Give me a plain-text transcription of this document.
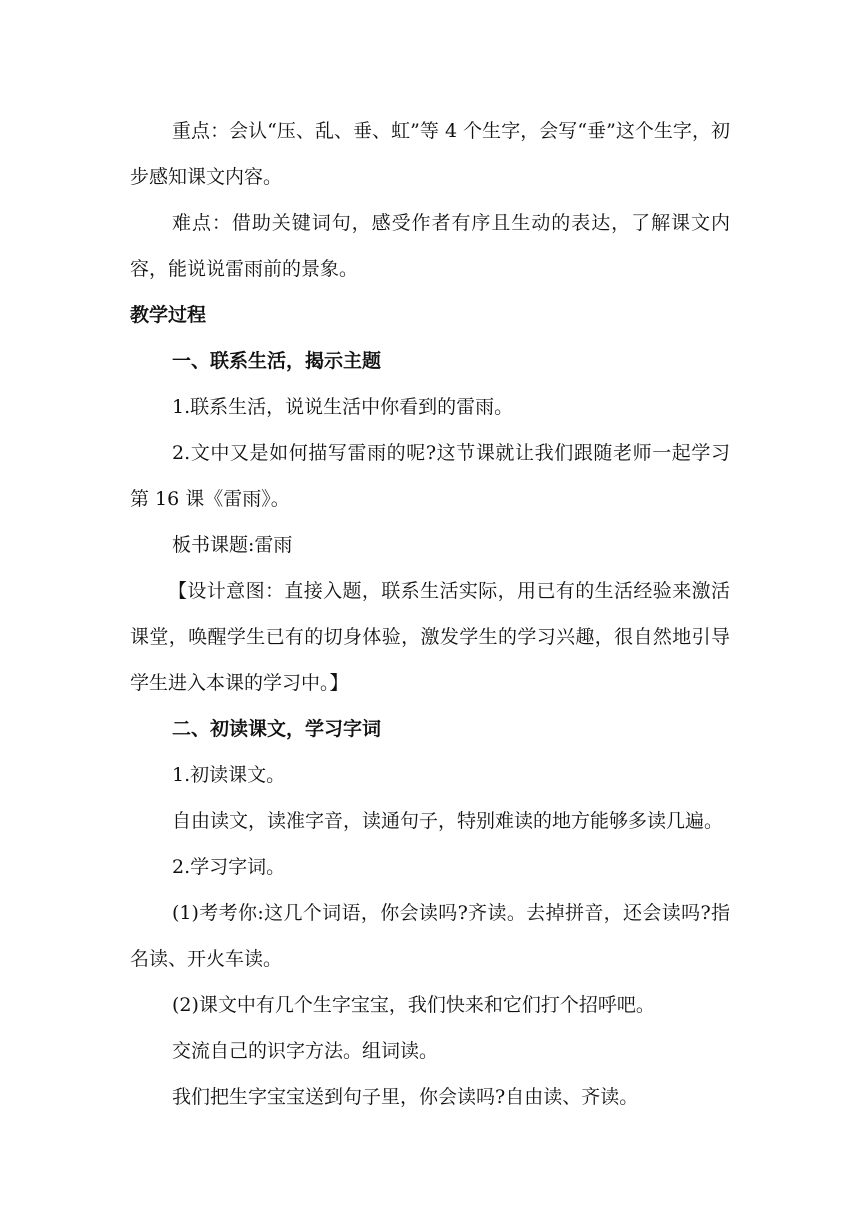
重点：会认“压、乱、垂、虹”等 4 个生字，会写“垂”这个生字，初步感知课文内容。

难点：借助关键词句，感受作者有序且生动的表达，了解课文内容，能说说雷雨前的景象。

教学过程

一、联系生活，揭示主题

1.联系生活，说说生活中你看到的雷雨。

2.文中又是如何描写雷雨的呢?这节课就让我们跟随老师一起学习第 16 课《雷雨》。

板书课题:雷雨

【设计意图：直接入题，联系生活实际，用已有的生活经验来激活课堂，唤醒学生已有的切身体验，激发学生的学习兴趣，很自然地引导学生进入本课的学习中。】

二、初读课文，学习字词

1.初读课文。

自由读文，读准字音，读通句子，特别难读的地方能够多读几遍。

2.学习字词。

(1)考考你:这几个词语，你会读吗?齐读。去掉拼音，还会读吗?指名读、开火车读。

(2)课文中有几个生字宝宝，我们快来和它们打个招呼吧。

交流自己的识字方法。组词读。

我们把生字宝宝送到句子里，你会读吗?自由读、齐读。
